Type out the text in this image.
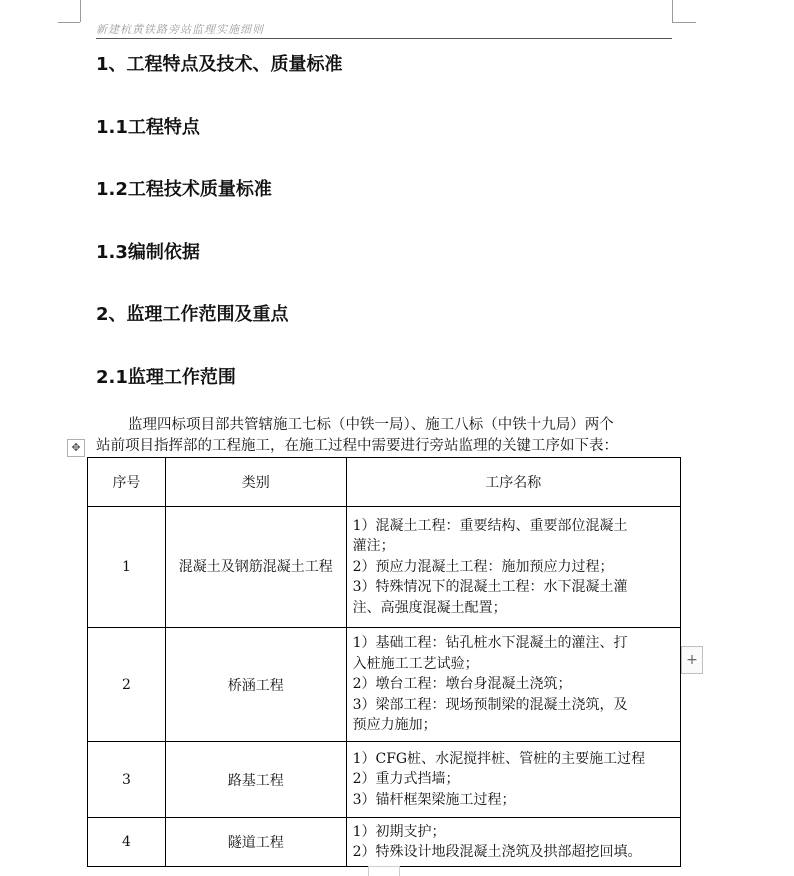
新建杭黄铁路旁站监理实施细则
1、工程特点及技术、质量标准
1.1工程特点
1.2工程技术质量标准
1.3编制依据
2、监理工作范围及重点
2.1监理工作范围
监理四标项目部共管辖施工七标（中铁一局）、施工八标（中铁十九局）两个
站前项目指挥部的工程施工，在施工过程中需要进行旁站监理的关键工序如下表：
✥
序号	类别	工序名称
1	混凝土及钢筋混凝土工程	1）混凝土工程：重要结构、重要部位混凝土
灌注；
2）预应力混凝土工程：施加预应力过程；
3）特殊情况下的混凝土工程：水下混凝土灌
注、高强度混凝土配置；

2	桥涵工程	1）基础工程：钻孔桩水下混凝土的灌注、打
入桩施工工艺试验；
2）墩台工程：墩台身混凝土浇筑；
3）梁部工程：现场预制梁的混凝土浇筑，及
预应力施加；

3	路基工程	1）CFG桩、水泥搅拌桩、管桩的主要施工过程
2）重力式挡墙；
3）锚杆框架梁施工过程；

4	隧道工程	1）初期支护；
2）特殊设计地段混凝土浇筑及拱部超挖回填。
+
